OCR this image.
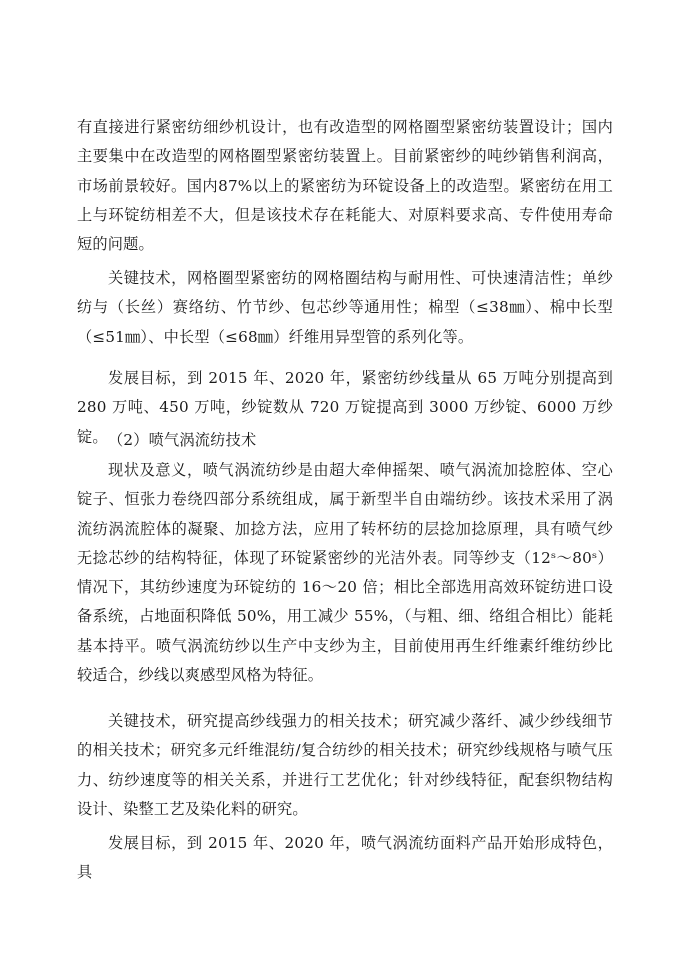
有直接进行紧密纺细纱机设计，也有改造型的网格圈型紧密纺装置设计；国内主要集中在改造型的网格圈型紧密纺装置上。目前紧密纱的吨纱销售利润高，市场前景较好。国内87%以上的紧密纺为环锭设备上的改造型。紧密纺在用工上与环锭纺相差不大，但是该技术存在耗能大、对原料要求高、专件使用寿命短的问题。

关键技术，网格圈型紧密纺的网格圈结构与耐用性、可快速清洁性；单纱纺与（长丝）赛络纺、竹节纱、包芯纱等通用性；棉型（≤38㎜）、棉中长型（≤51㎜）、中长型（≤68㎜）纤维用异型管的系列化等。

发展目标，到 2015 年、2020 年，紧密纺纱线量从 65 万吨分别提高到 280 万吨、450 万吨，纱锭数从 720 万锭提高到 3000 万纱锭、6000 万纱锭。 （2）喷气涡流纺技术

现状及意义，喷气涡流纺纱是由超大牵伸摇架、喷气涡流加捻腔体、空心锭子、恒张力卷绕四部分系统组成，属于新型半自由端纺纱。该技术采用了涡流纺涡流腔体的凝聚、加捻方法，应用了转杯纺的层捻加捻原理，具有喷气纱无捻芯纱的结构特征，体现了环锭紧密纱的光洁外表。同等纱支（12ˢ～80ˢ）情况下，其纺纱速度为环锭纺的 16～20 倍；相比全部选用高效环锭纺进口设备系统，占地面积降低 50%，用工减少 55%，（与粗、细、络组合相比）能耗基本持平。喷气涡流纺纱以生产中支纱为主，目前使用再生纤维素纤维纺纱比较适合，纱线以爽感型风格为特征。

关键技术，研究提高纱线强力的相关技术；研究减少落纤、减少纱线细节的相关技术；研究多元纤维混纺/复合纺纱的相关技术；研究纱线规格与喷气压力、纺纱速度等的相关关系，并进行工艺优化；针对纱线特征，配套织物结构设计、染整工艺及染化料的研究。

发展目标，到 2015 年、2020 年，喷气涡流纺面料产品开始形成特色，具
